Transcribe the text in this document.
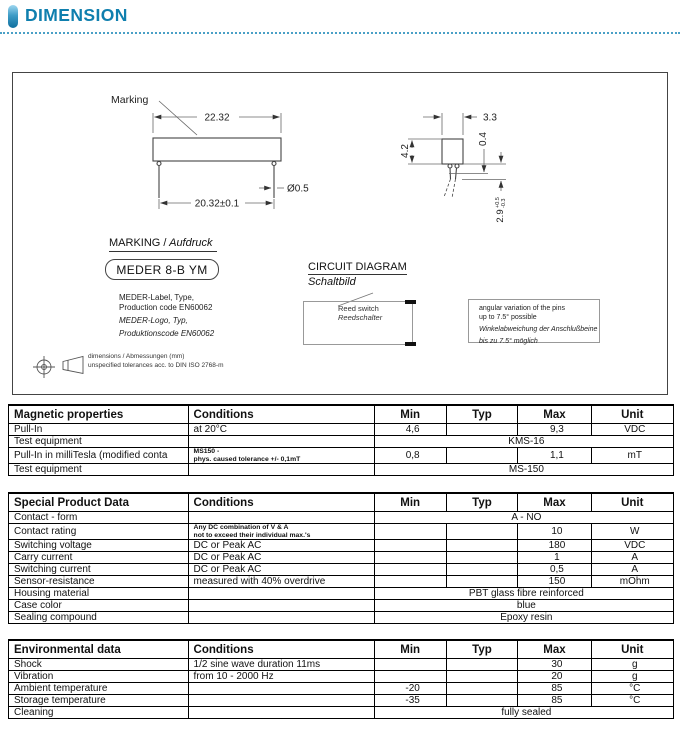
DIMENSION
Marking
22.32
20.32±0.1
Ø0.5
3.3
4.2
0.4
2.9
+0.5 -0.3
MARKING / Aufdruck
MEDER 8-B YM
MEDER-Label, Type,
Production code EN60062
MEDER-Logo, Typ,
Produktionscode EN60062
CIRCUIT DIAGRAM
Schaltbild
Reed switch
Reedschalter
angular variation of the pins
up to 7.5° possible
Winkelabweichung der Anschlußbeine
bis zu 7.5° möglich
dimensions / Abmessungen (mm)
unspecified tolerances acc. to DIN ISO 2768-m
Magnetic properties	Conditions	Min	Typ	Max	Unit
Pull-In	at 20°C	4,6		9,3	VDC
Test equipment		KMS-16			
Pull-In in milliTesla (modified conta	MS150 -
phys. caused tolerance +/- 0,1mT	0,8		1,1	mT
Test equipment		MS-150			
Special Product Data	Conditions	Min	Typ	Max	Unit
Contact - form		A - NO			
Contact rating	Any DC combination of V & A
not to exceed their individual max.'s			10	W
Switching voltage	DC or Peak AC			180	VDC
Carry current	DC or Peak AC			1	A
Switching current	DC or Peak AC			0,5	A
Sensor-resistance	measured with 40% overdrive			150	mOhm
Housing material		PBT glass fibre reinforced			
Case color		blue			
Sealing compound		Epoxy resin			
Environmental data	Conditions	Min	Typ	Max	Unit
Shock	1/2 sine wave duration 11ms			30	g
Vibration	from 10 - 2000 Hz			20	g
Ambient temperature		-20		85	°C
Storage temperature		-35		85	°C
Cleaning		fully sealed			
